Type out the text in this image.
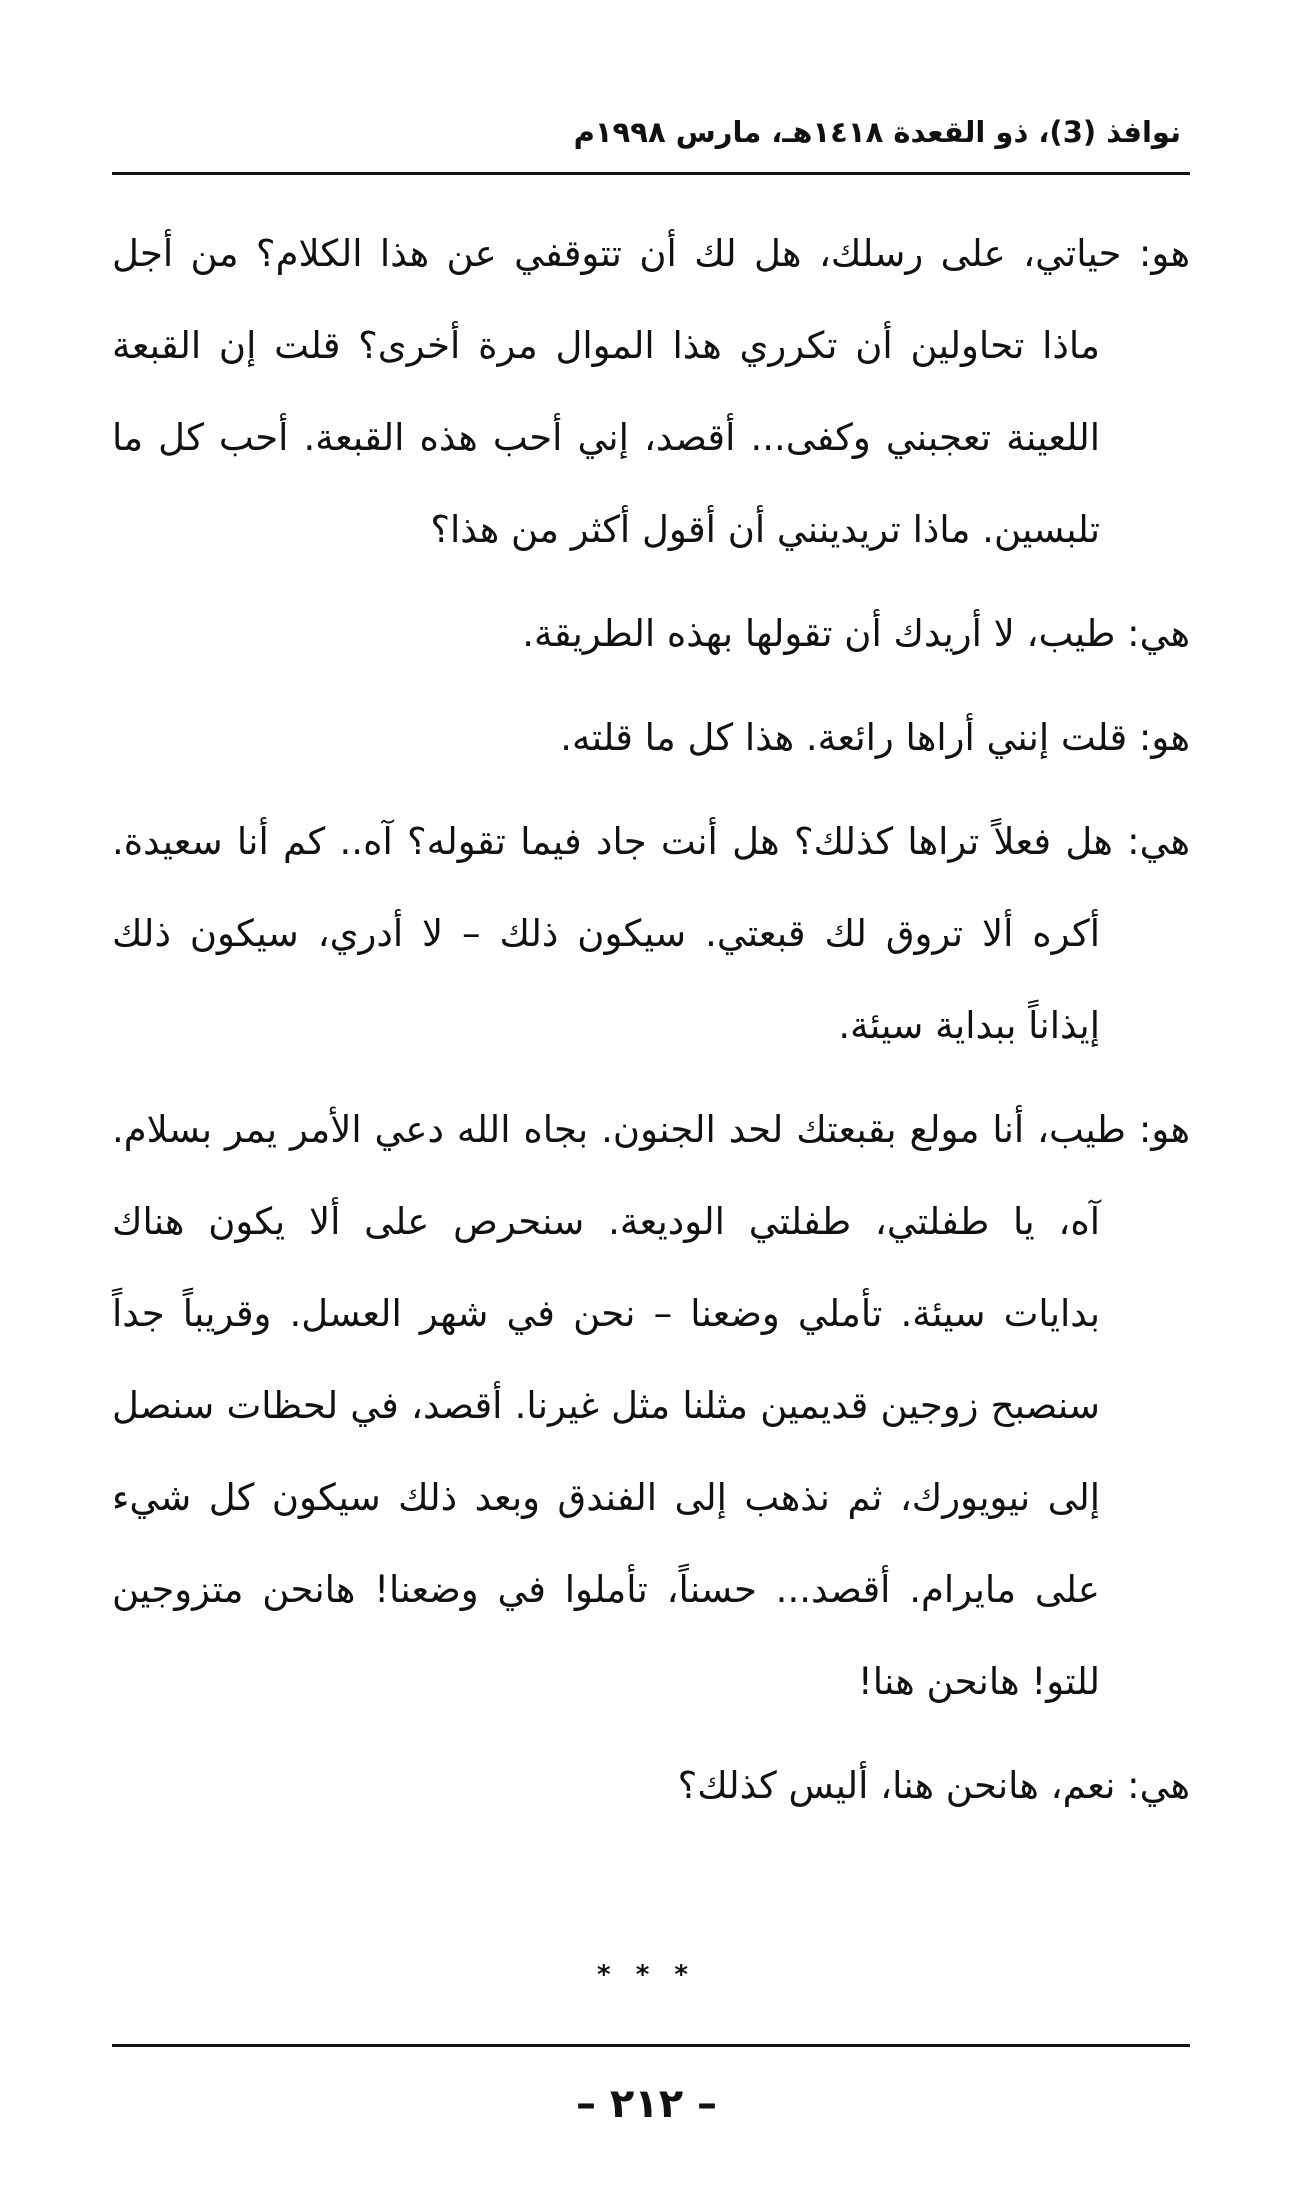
نوافذ (3)، ذو القعدة ١٤١٨هـ، مارس ١٩٩٨م

هو: حياتي، على رسلك، هل لك أن تتوقفي عن هذا الكلام؟ من أجل ماذا تحاولين أن تكرري هذا الموال مرة أخرى؟ قلت إن القبعة اللعينة تعجبني وكفى... أقصد، إني أحب هذه القبعة. أحب كل ما تلبسين. ماذا تريدينني أن أقول أكثر من هذا؟

هي: طيب، لا أريدك أن تقولها بهذه الطريقة.

هو: قلت إنني أراها رائعة. هذا كل ما قلته.

هي: هل فعلاً تراها كذلك؟ هل أنت جاد فيما تقوله؟ آه.. كم أنا سعيدة. أكره ألا تروق لك قبعتي. سيكون ذلك – لا أدري، سيكون ذلك إيذاناً ببداية سيئة.

هو: طيب، أنا مولع بقبعتك لحد الجنون. بجاه الله دعي الأمر يمر بسلام. آه، يا طفلتي، طفلتي الوديعة. سنحرص على ألا يكون هناك بدايات سيئة. تأملي وضعنا – نحن في شهر العسل. وقريباً جداً سنصبح زوجين قديمين مثلنا مثل غيرنا. أقصد، في لحظات سنصل إلى نيويورك، ثم نذهب إلى الفندق وبعد ذلك سيكون كل شيء على مايرام. أقصد... حسناً، تأملوا في وضعنا! هانحن متزوجين للتو! هانحن هنا!

هي: نعم، هانحن هنا، أليس كذلك؟

* * *
– ٢١٢ –
